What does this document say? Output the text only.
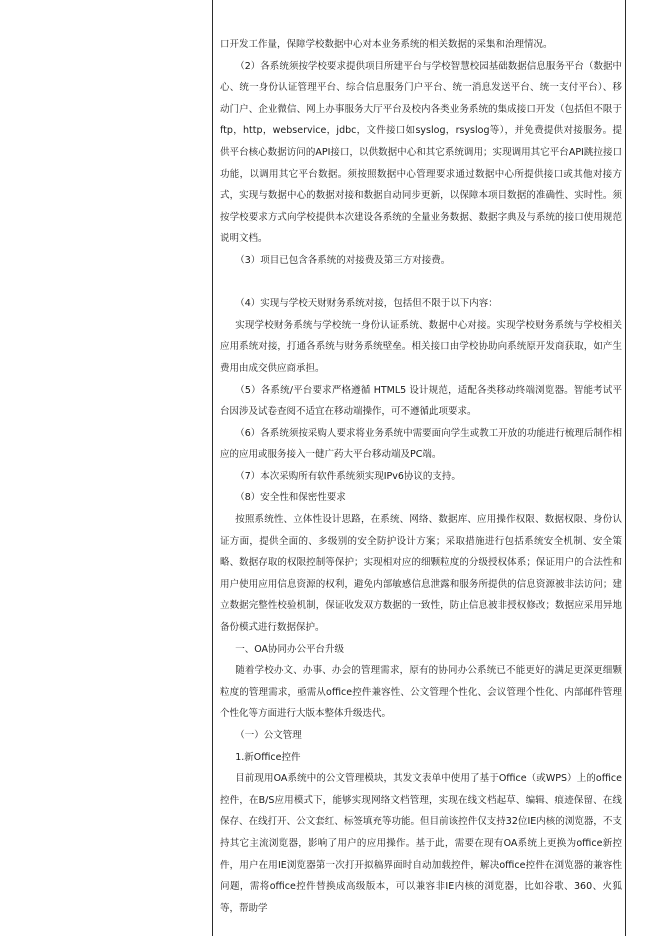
口开发工作量，保障学校数据中心对本业务系统的相关数据的采集和治理情况。

（2）各系统须按学校要求提供项目所建平台与学校智慧校园基础数据信息服务平台（数据中心、统一身份认证管理平台、综合信息服务门户平台、统一消息发送平台、统一支付平台）、移动门户、企业微信、网上办事服务大厅平台及校内各类业务系统的集成接口开发（包括但不限于ftp，http，webservice，jdbc，文件接口如syslog，rsyslog等），并免费提供对接服务。提供平台核心数据访问的API接口，以供数据中心和其它系统调用；实现调用其它平台API跳拉接口功能，以调用其它平台数据。须按照数据中心管理要求通过数据中心所提供接口或其他对接方式，实现与数据中心的数据对接和数据自动同步更新，以保障本项目数据的准确性、实时性。须按学校要求方式向学校提供本次建设各系统的全量业务数据、数据字典及与系统的接口使用规范说明文档。

（3）项目已包含各系统的对接费及第三方对接费。

（4）实现与学校天财财务系统对接，包括但不限于以下内容：

实现学校财务系统与学校统一身份认证系统、数据中心对接。实现学校财务系统与学校相关应用系统对接，打通各系统与财务系统壁垒。相关接口由学校协助向系统原开发商获取，如产生费用由成交供应商承担。

（5）各系统/平台要求严格遵循 HTML5 设计规范，适配各类移动终端浏览器。智能考试平台因涉及试卷查阅不适宜在移动端操作，可不遵循此项要求。

（6）各系统须按采购人要求将业务系统中需要面向学生或教工开放的功能进行梳理后制作相应的应用或服务接入一健广药大平台移动端及PC端。

（7）本次采购所有软件系统须实现IPv6协议的支持。

（8）安全性和保密性要求

按照系统性、立体性设计思路，在系统、网络、数据库、应用操作权限、数据权限、身份认证方面，提供全面的、多级别的安全防护设计方案；采取措施进行包括系统安全机制、安全策略、数据存取的权限控制等保护；实现相对应的细颗粒度的分级授权体系；保证用户的合法性和用户使用应用信息资源的权利，避免内部敏感信息泄露和服务所提供的信息资源被非法访问；建立数据完整性校验机制，保证收发双方数据的一致性，防止信息被非授权修改；数据应采用异地备份模式进行数据保护。

一、OA协同办公平台升级

随着学校办文、办事、办会的管理需求，原有的协同办公系统已不能更好的满足更深更细颗粒度的管理需求，亟需从office控件兼容性、公文管理个性化、会议管理个性化、内部邮件管理个性化等方面进行大版本整体升级迭代。

（一）公文管理

1.新Office控件

目前现用OA系统中的公文管理模块，其发文表单中使用了基于Office（或WPS）上的office控件，在B/S应用模式下，能够实现网络文档管理，实现在线文档起草、编辑、痕迹保留、在线保存、在线打开、公文套红、标签填充等功能。但目前该控件仅支持32位IE内核的浏览器，不支持其它主流浏览器，影响了用户的应用操作。基于此，需要在现有OA系统上更换为office新控件，用户在用IE浏览器第一次打开拟稿界面时自动加载控件，解决office控件在浏览器的兼容性问题，需将office控件替换成高级版本，可以兼容非IE内核的浏览器，比如谷歌、360、火狐等，帮助学
